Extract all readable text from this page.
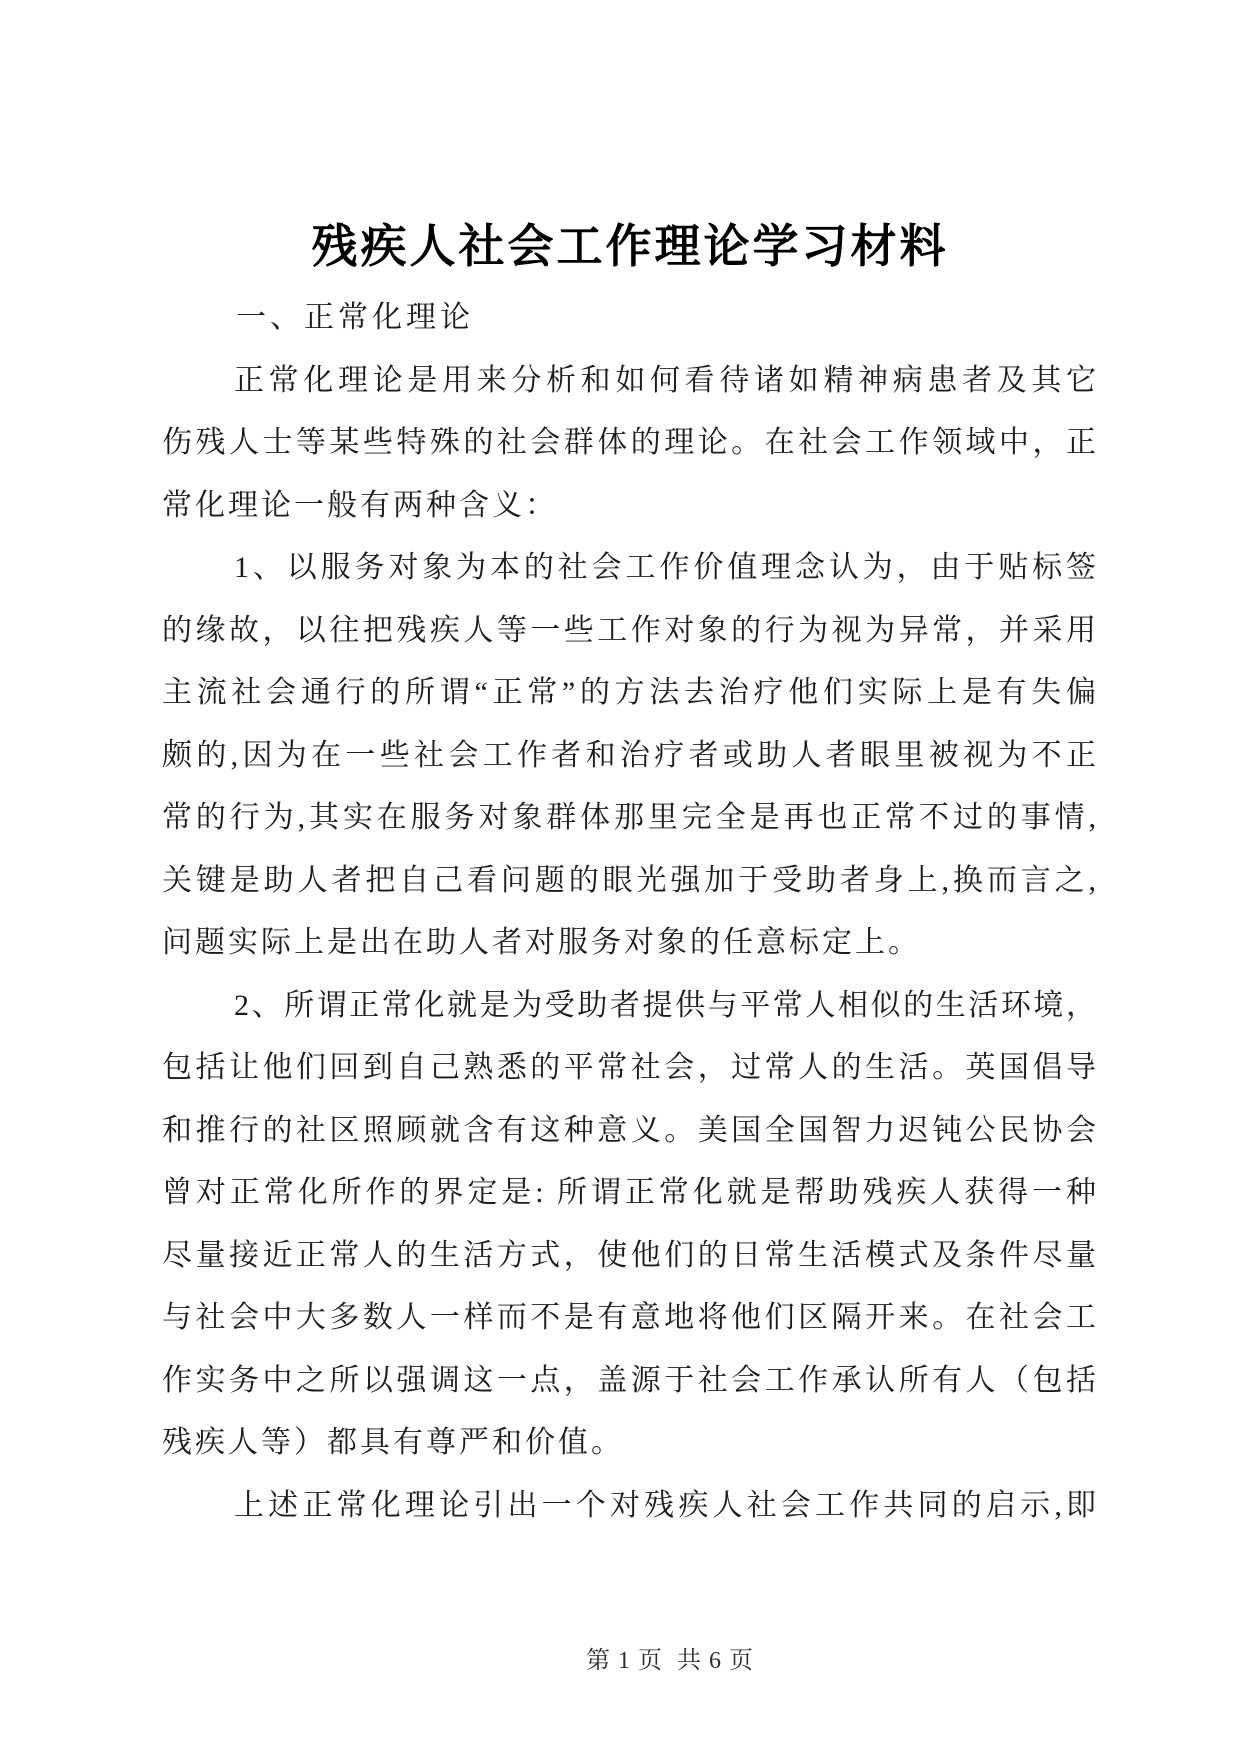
残疾人社会工作理论学习材料
一、正常化理论
正常化理论是用来分析和如何看待诸如精神病患者及其它
伤残人士等某些特殊的社会群体的理论。在社会工作领域中，正
常化理论一般有两种含义：
1、以服务对象为本的社会工作价值理念认为，由于贴标签
的缘故，以往把残疾人等一些工作对象的行为视为异常，并采用
主流社会通行的所谓“正常”的方法去治疗他们实际上是有失偏
颇的,因为在一些社会工作者和治疗者或助人者眼里被视为不正
常的行为,其实在服务对象群体那里完全是再也正常不过的事情,
关键是助人者把自己看问题的眼光强加于受助者身上,换而言之,
问题实际上是出在助人者对服务对象的任意标定上。
2、所谓正常化就是为受助者提供与平常人相似的生活环境，
包括让他们回到自己熟悉的平常社会，过常人的生活。英国倡导
和推行的社区照顾就含有这种意义。美国全国智力迟钝公民协会
曾对正常化所作的界定是: 所谓正常化就是帮助残疾人获得一种
尽量接近正常人的生活方式，使他们的日常生活模式及条件尽量
与社会中大多数人一样而不是有意地将他们区隔开来。在社会工
作实务中之所以强调这一点，盖源于社会工作承认所有人（包括
残疾人等）都具有尊严和价值。
上述正常化理论引出一个对残疾人社会工作共同的启示,即

第 1 页  共 6 页
